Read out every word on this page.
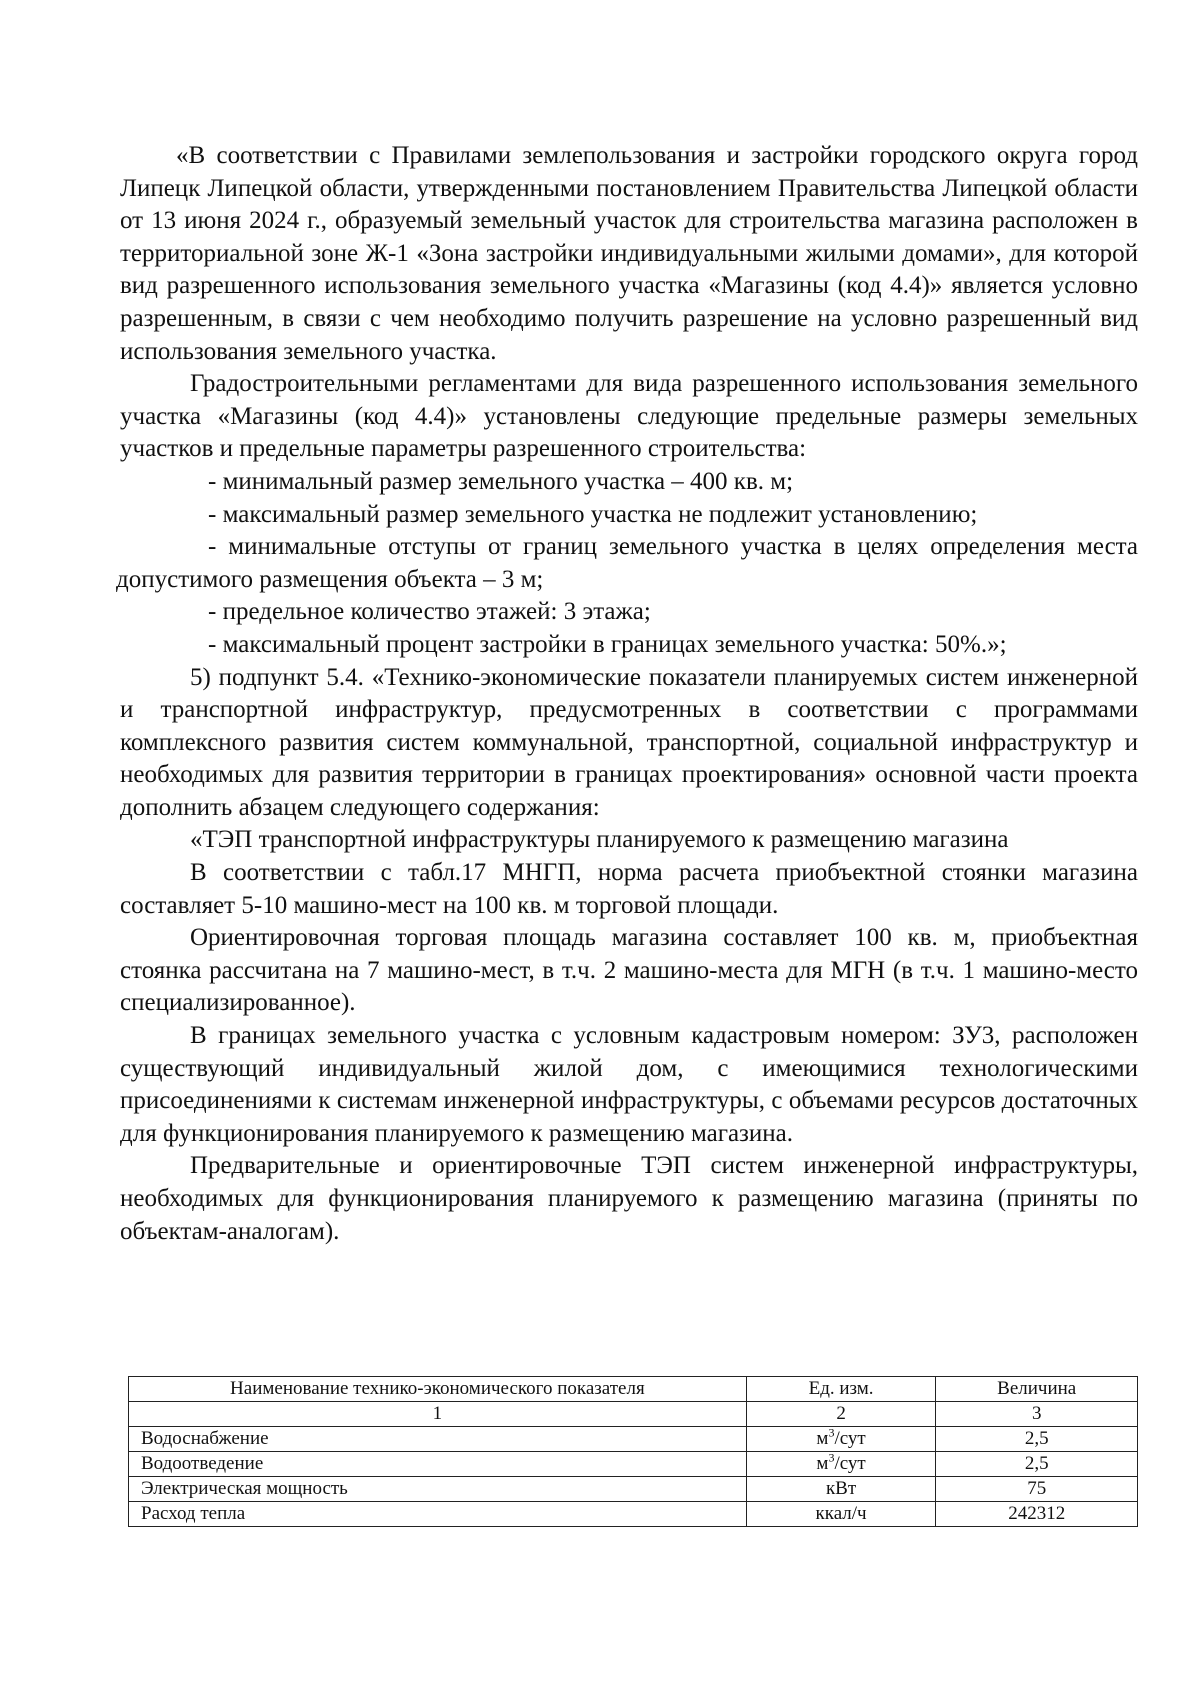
«В соответствии с Правилами землепользования и застройки городского округа город Липецк Липецкой области, утвержденными постановлением Правительства Липецкой области от 13 июня 2024 г., образуемый земельный участок для строительства магазина расположен в территориальной зоне Ж-1 «Зона застройки индивидуальными жилыми домами», для которой вид разрешенного использования земельного участка «Магазины (код 4.4)» является условно разрешенным, в связи с чем необходимо получить разрешение на условно разрешенный вид использования земельного участка.

Градостроительными регламентами для вида разрешенного использования земельного участка «Магазины (код 4.4)» установлены следующие предельные размеры земельных участков и предельные параметры разрешенного строительства:

- минимальный размер земельного участка – 400 кв. м;

- максимальный размер земельного участка не подлежит установлению;

- минимальные отступы от границ земельного участка в целях определения места допустимого размещения объекта – 3 м;

- предельное количество этажей: 3 этажа;

- максимальный процент застройки в границах земельного участка: 50%.»;

5) подпункт 5.4. «Технико-экономические показатели планируемых систем инженерной и транспортной инфраструктур, предусмотренных в соответствии с программами комплексного развития систем коммунальной, транспортной, социальной инфраструктур и необходимых для развития территории в границах проектирования» основной части проекта дополнить абзацем следующего содержания:

«ТЭП транспортной инфраструктуры планируемого к размещению магазина

В соответствии с табл.17 МНГП, норма расчета приобъектной стоянки магазина составляет 5-10 машино-мест на 100 кв. м торговой площади.

Ориентировочная торговая площадь магазина составляет 100 кв. м, приобъектная стоянка рассчитана на 7 машино-мест, в т.ч. 2 машино-места для МГН (в т.ч. 1 машино-место специализированное).

В границах земельного участка с условным кадастровым номером: ЗУ3, расположен существующий индивидуальный жилой дом, с имеющимися технологическими присоединениями к системам инженерной инфраструктуры, с объемами ресурсов достаточных для функционирования планируемого к размещению магазина.

Предварительные и ориентировочные ТЭП систем инженерной инфраструктуры, необходимых для функционирования планируемого к размещению магазина (приняты по объектам-аналогам).

Наименование технико-экономического показателя	Ед. изм.	Величина
1	2	3
Водоснабжение	$м^3$/сут	2,5
Водоотведение	$м^3$/сут	2,5
Электрическая мощность	кВт	75
Расход тепла	ккал/ч	242312
